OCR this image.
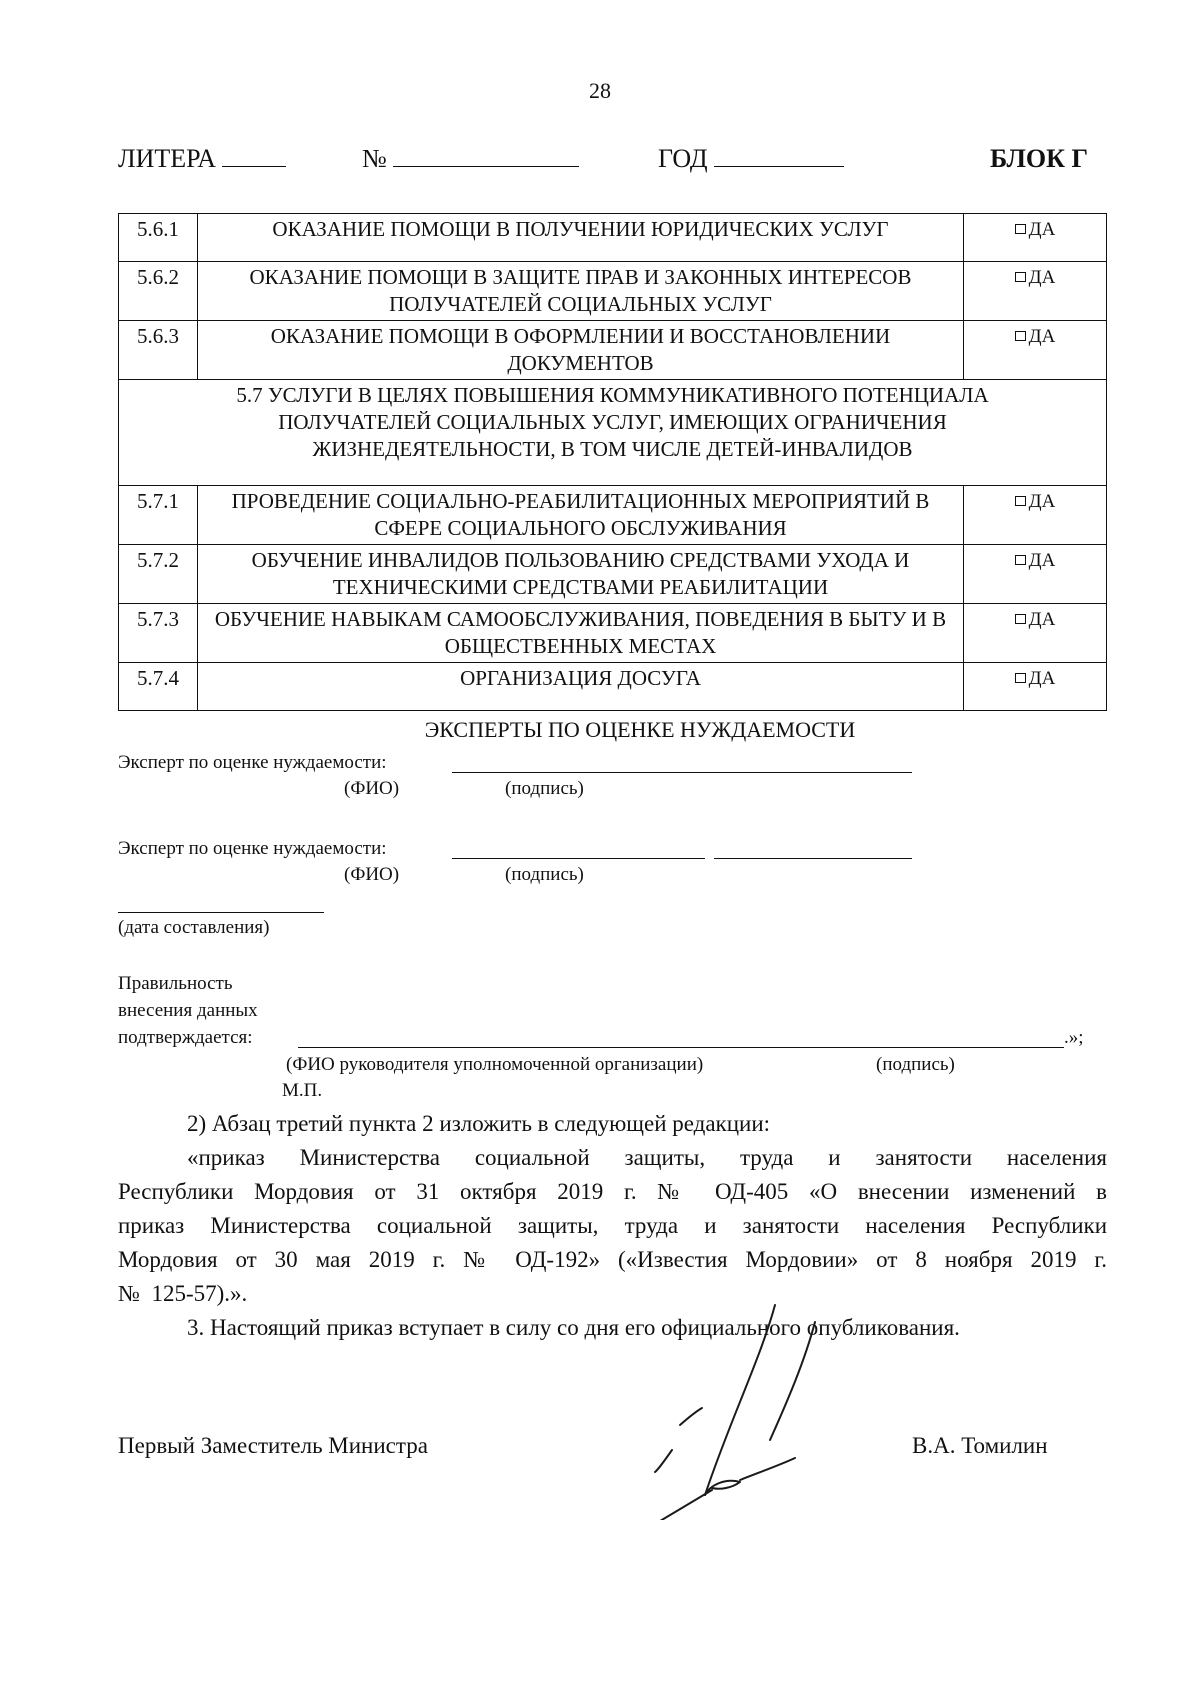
28
ЛИТЕРА	№	ГОД	БЛОК Г
5.6.1	ОКАЗАНИЕ ПОМОЩИ В ПОЛУЧЕНИИ ЮРИДИЧЕСКИХ УСЛУГ	ДА
5.6.2	ОКАЗАНИЕ ПОМОЩИ В ЗАЩИТЕ ПРАВ И ЗАКОННЫХ ИНТЕРЕСОВ ПОЛУЧАТЕЛЕЙ СОЦИАЛЬНЫХ УСЛУГ	ДА
5.6.3	ОКАЗАНИЕ ПОМОЩИ В ОФОРМЛЕНИИ И ВОССТАНОВЛЕНИИ ДОКУМЕНТОВ	ДА

5.7 УСЛУГИ В ЦЕЛЯХ ПОВЫШЕНИЯ КОММУНИКАТИВНОГО ПОТЕНЦИАЛА ПОЛУЧАТЕЛЕЙ СОЦИАЛЬНЫХ УСЛУГ, ИМЕЮЩИХ ОГРАНИЧЕНИЯ ЖИЗНЕДЕЯТЕЛЬНОСТИ, В ТОМ ЧИСЛЕ ДЕТЕЙ-ИНВАЛИДОВ		

5.7.1	ПРОВЕДЕНИЕ СОЦИАЛЬНО-РЕАБИЛИТАЦИОННЫХ МЕРОПРИЯТИЙ В СФЕРЕ СОЦИАЛЬНОГО ОБСЛУЖИВАНИЯ	ДА
5.7.2	ОБУЧЕНИЕ ИНВАЛИДОВ ПОЛЬЗОВАНИЮ СРЕДСТВАМИ УХОДА И ТЕХНИЧЕСКИМИ СРЕДСТВАМИ РЕАБИЛИТАЦИИ	ДА
5.7.3	ОБУЧЕНИЕ НАВЫКАМ САМООБСЛУЖИВАНИЯ, ПОВЕДЕНИЯ В БЫТУ И В ОБЩЕСТВЕННЫХ МЕСТАХ	ДА
5.7.4	ОРГАНИЗАЦИЯ ДОСУГА	ДА
ЭКСПЕРТЫ ПО ОЦЕНКЕ НУЖДАЕМОСТИ
Эксперт по оценке нуждаемости:
(ФИО)	(подпись)
Эксперт по оценке нуждаемости:
(ФИО)	(подпись)
(дата составления)
Правильность
внесения данных
подтверждается:	.»;
(ФИО руководителя уполномоченной организации)	(подпись)
М.П.
2) Абзац третий пункта 2 изложить в следующей редакции:
«приказ Министерства социальной защиты, труда и занятости населения
Республики Мордовия от 31 октября 2019 г. № ОД-405 «О внесении изменений в
приказ Министерства социальной защиты, труда и занятости населения Республики
Мордовия от 30 мая 2019 г. № ОД-192» («Известия Мордовии» от 8 ноября 2019 г.
№  125-57).».
3. Настоящий приказ вступает в силу со дня его официального опубликования.
Первый Заместитель Министра	В.А. Томилин
